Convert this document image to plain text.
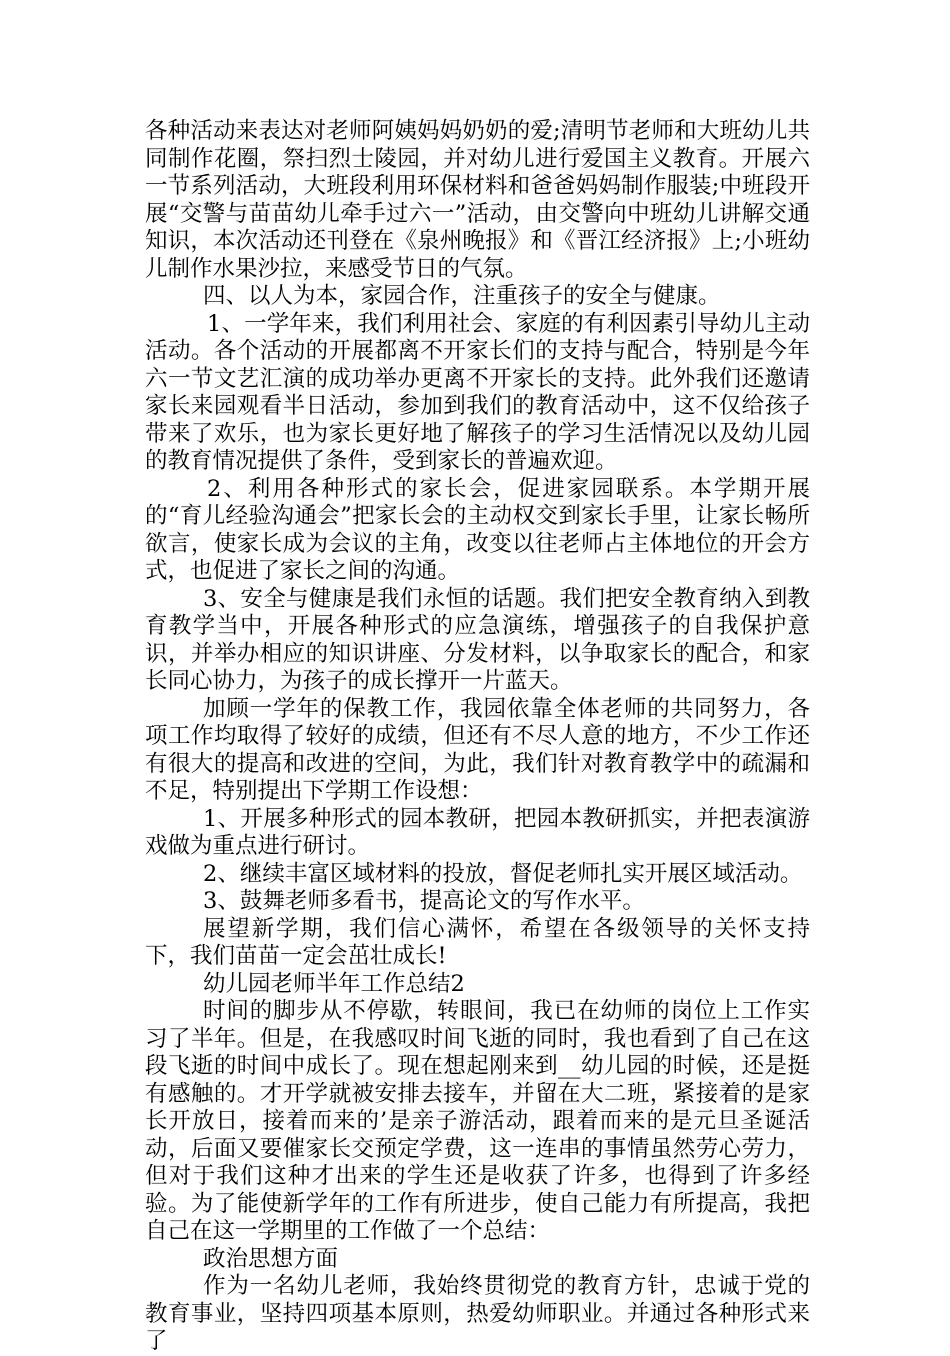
各种活动来表达对老师阿姨妈妈奶奶的爱;清明节老师和大班幼儿共同制作花圈，祭扫烈士陵园，并对幼儿进行爱国主义教育。开展六一节系列活动，大班段利用环保材料和爸爸妈妈制作服装;中班段开展“交警与苗苗幼儿牵手过六一”活动，由交警向中班幼儿讲解交通知识，本次活动还刊登在《泉州晚报》和《晋江经济报》上;小班幼儿制作水果沙拉，来感受节日的气氛。

四、以人为本，家园合作，注重孩子的安全与健康。

1、一学年来，我们利用社会、家庭的有利因素引导幼儿主动活动。各个活动的开展都离不开家长们的支持与配合，特别是今年六一节文艺汇演的成功举办更离不开家长的支持。此外我们还邀请家长来园观看半日活动，参加到我们的教育活动中，这不仅给孩子带来了欢乐，也为家长更好地了解孩子的学习生活情况以及幼儿园的教育情况提供了条件，受到家长的普遍欢迎。

2、利用各种形式的家长会，促进家园联系。本学期开展的“育儿经验沟通会”把家长会的主动权交到家长手里，让家长畅所欲言，使家长成为会议的主角，改变以往老师占主体地位的开会方式，也促进了家长之间的沟通。

3、安全与健康是我们永恒的话题。我们把安全教育纳入到教育教学当中，开展各种形式的应急演练，增强孩子的自我保护意识，并举办相应的知识讲座、分发材料，以争取家长的配合，和家长同心协力，为孩子的成长撑开一片蓝天。

加顾一学年的保教工作，我园依靠全体老师的共同努力，各项工作均取得了较好的成绩，但还有不尽人意的地方，不少工作还有很大的提高和改进的空间，为此，我们针对教育教学中的疏漏和不足，特别提出下学期工作设想：

1、开展多种形式的园本教研，把园本教研抓实，并把表演游戏做为重点进行研讨。

2、继续丰富区域材料的投放，督促老师扎实开展区域活动。

3、鼓舞老师多看书，提高论文的写作水平。

展望新学期，我们信心满怀，希望在各级领导的关怀支持下，我们苗苗一定会茁壮成长!

幼儿园老师半年工作总结2

时间的脚步从不停歇，转眼间，我已在幼师的岗位上工作实习了半年。但是，在我感叹时间飞逝的同时，我也看到了自己在这段飞逝的时间中成长了。现在想起刚来到__幼儿园的时候，还是挺有感触的。才开学就被安排去接车，并留在大二班，紧接着的是家长开放日，接着而来的’是亲子游活动，跟着而来的是元旦圣诞活动，后面又要催家长交预定学费，这一连串的事情虽然劳心劳力，但对于我们这种才出来的学生还是收获了许多，也得到了许多经验。为了能使新学年的工作有所进步，使自己能力有所提高，我把自己在这一学期里的工作做了一个总结：

政治思想方面

作为一名幼儿老师，我始终贯彻党的教育方针，忠诚于党的教育事业，坚持四项基本原则，热爱幼师职业。并通过各种形式来了
